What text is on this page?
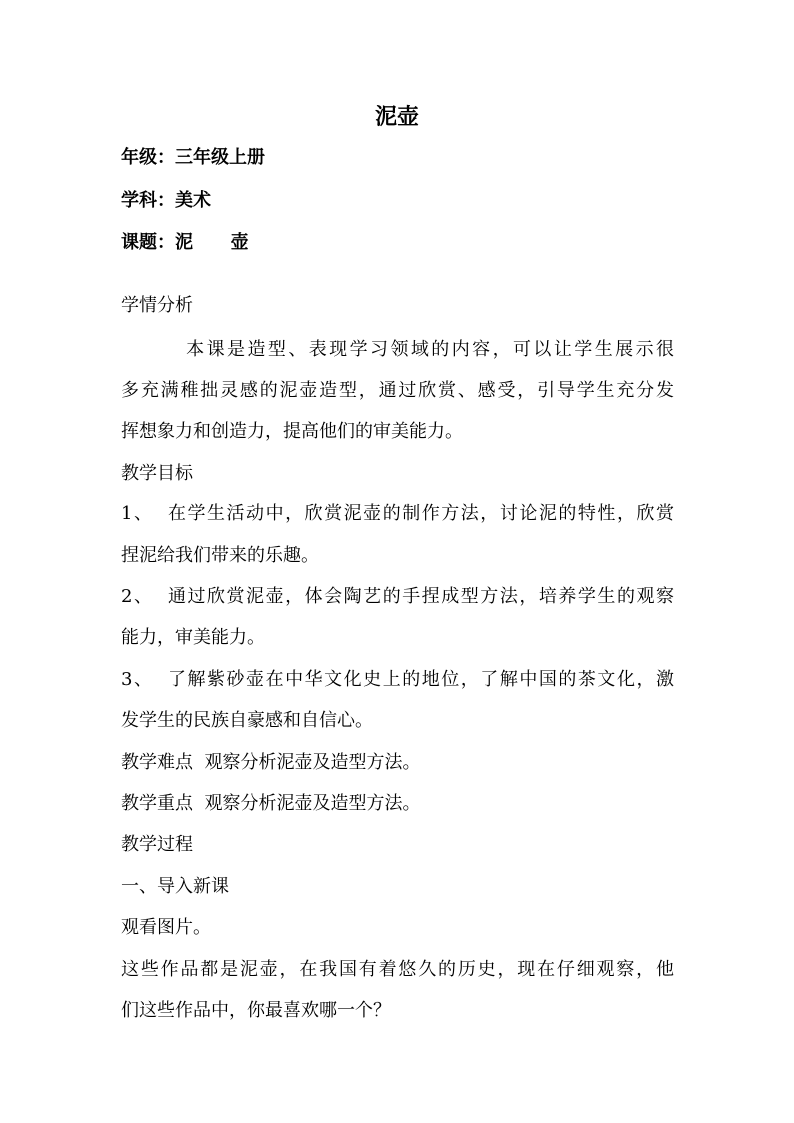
泥壶
年级：三年级上册
学科：美术
课题：泥      壶
学情分析
本课是造型、表现学习领域的内容，可以让学生展示很
多充满稚拙灵感的泥壶造型，通过欣赏、感受，引导学生充分发
挥想象力和创造力，提高他们的审美能力。
教学目标
1、  在学生活动中，欣赏泥壶的制作方法，讨论泥的特性，欣赏
捏泥给我们带来的乐趣。
2、  通过欣赏泥壶，体会陶艺的手捏成型方法，培养学生的观察
能力，审美能力。
3、  了解紫砂壶在中华文化史上的地位，了解中国的茶文化，激
发学生的民族自豪感和自信心。
教学难点  观察分析泥壶及造型方法。
教学重点  观察分析泥壶及造型方法。
教学过程
一、导入新课
观看图片。
这些作品都是泥壶，在我国有着悠久的历史，现在仔细观察，他
们这些作品中，你最喜欢哪一个？
